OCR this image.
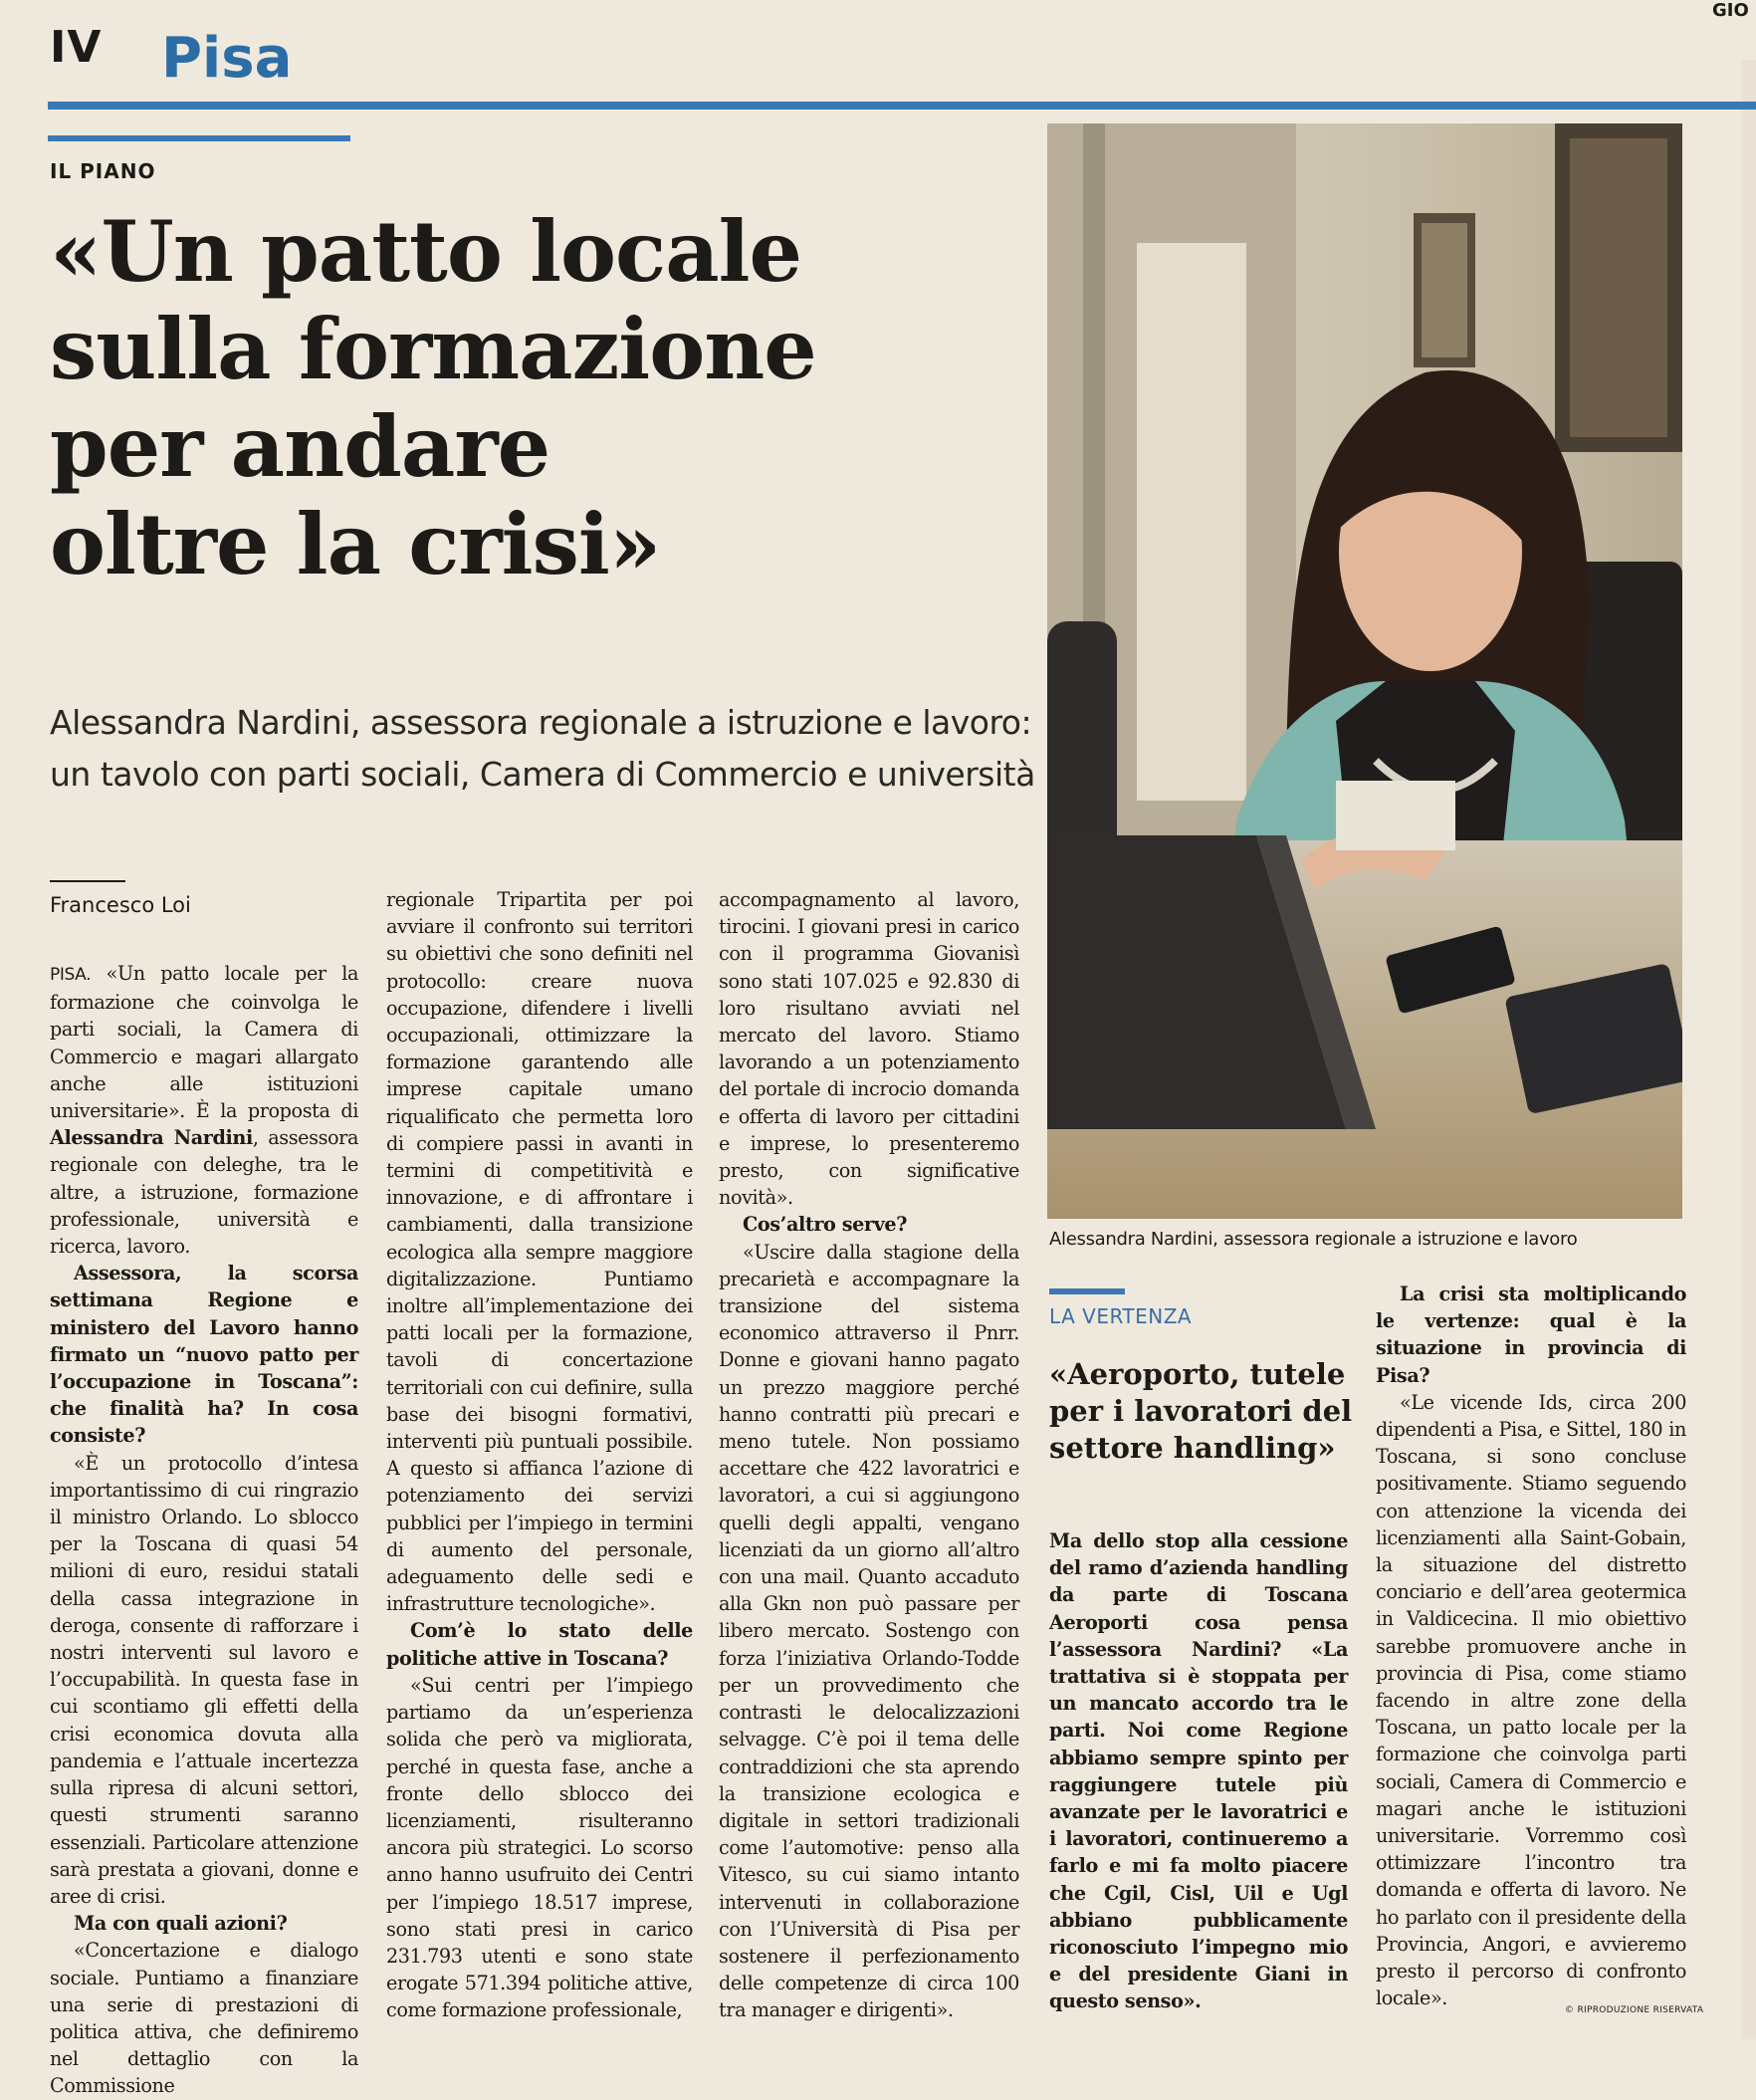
IV Pisa
GIO
IL PIANO
«Un patto locale
sulla formazione
per andare
oltre la crisi»
Alessandra Nardini, assessora regionale a istruzione e lavoro:
un tavolo con parti sociali, Camera di Commercio e università
Francesco Loi

PISA. «Un patto locale per la formazione che coinvolga le parti sociali, la Camera di Commercio e magari allargato anche alle istituzioni universitarie». È la proposta di Alessandra Nardini, assessora regionale con deleghe, tra le altre, a istruzione, formazione professionale, università e ricerca, lavoro.

Assessora, la scorsa settimana Regione e ministero del Lavoro hanno firmato un “nuovo patto per l’occupazione in Toscana”: che finalità ha? In cosa consiste?

«È un protocollo d’intesa importantissimo di cui ringrazio il ministro Orlando. Lo sblocco per la Toscana di quasi 54 milioni di euro, residui statali della cassa integrazione in deroga, consente di rafforzare i nostri interventi sul lavoro e l’occupabilità. In questa fase in cui scontiamo gli effetti della crisi economica dovuta alla pandemia e l’attuale incertezza sulla ripresa di alcuni settori, questi strumenti saranno essenziali. Particolare attenzione sarà prestata a giovani, donne e aree di crisi.

Ma con quali azioni?

«Concertazione e dialogo sociale. Puntiamo a finanziare una serie di prestazioni di politica attiva, che definiremo nel dettaglio con la Commissione

regionale Tripartita per poi avviare il confronto sui territori su obiettivi che sono definiti nel protocollo: creare nuova occupazione, difendere i livelli occupazionali, ottimizzare la formazione garantendo alle imprese capitale umano riqualificato che permetta loro di compiere passi in avanti in termini di competitività e innovazione, e di affrontare i cambiamenti, dalla transizione ecologica alla sempre maggiore digitalizzazione. Puntiamo inoltre all’implementazione dei patti locali per la formazione, tavoli di concertazione territoriali con cui definire, sulla base dei bisogni formativi, interventi più puntuali possibile. A questo si affianca l’azione di potenziamento dei servizi pubblici per l’impiego in termini di aumento del personale, adeguamento delle sedi e infrastrutture tecnologiche».

Com’è lo stato delle politiche attive in Toscana?

«Sui centri per l’impiego partiamo da un’esperienza solida che però va migliorata, perché in questa fase, anche a fronte dello sblocco dei licenziamenti, risulteranno ancora più strategici. Lo scorso anno hanno usufruito dei Centri per l’impiego 18.517 imprese, sono stati presi in carico 231.793 utenti e sono state erogate 571.394 politiche attive, come formazione professionale,

accompagnamento al lavoro, tirocini. I giovani presi in carico con il programma Giovanisì sono stati 107.025 e 92.830 di loro risultano avviati nel mercato del lavoro. Stiamo lavorando a un potenziamento del portale di incrocio domanda e offerta di lavoro per cittadini e imprese, lo presenteremo presto, con significative novità».

Cos’altro serve?

«Uscire dalla stagione della precarietà e accompagnare la transizione del sistema economico attraverso il Pnrr. Donne e giovani hanno pagato un prezzo maggiore perché hanno contratti più precari e meno tutele. Non possiamo accettare che 422 lavoratrici e lavoratori, a cui si aggiungono quelli degli appalti, vengano licenziati da un giorno all’altro con una mail. Quanto accaduto alla Gkn non può passare per libero mercato. Sostengo con forza l’iniziativa Orlando-Todde per un provvedimento che contrasti le delocalizzazioni selvagge. C’è poi il tema delle contraddizioni che sta aprendo la transizione ecologica e digitale in settori tradizionali come l’automotive: penso alla Vitesco, su cui siamo intanto intervenuti in collaborazione con l’Università di Pisa per sostenere il perfezionamento delle competenze di circa 100 tra manager e dirigenti».

Alessandra Nardini, assessora regionale a istruzione e lavoro
LA VERTENZA
«Aeroporto, tutele per i lavoratori del settore handling»

Ma dello stop alla cessione del ramo d’azienda handling da parte di Toscana Aeroporti cosa pensa l’assessora Nardini? «La trattativa si è stoppata per un mancato accordo tra le parti. Noi come Regione abbiamo sempre spinto per raggiungere tutele più avanzate per le lavoratrici e i lavoratori, continueremo a farlo e mi fa molto piacere che Cgil, Cisl, Uil e Ugl abbiano pubblicamente riconosciuto l’impegno mio e del presidente Giani in questo senso».

La crisi sta moltiplicando le vertenze: qual è la situazione in provincia di Pisa?

«Le vicende Ids, circa 200 dipendenti a Pisa, e Sittel, 180 in Toscana, si sono concluse positivamente. Stiamo seguendo con attenzione la vicenda dei licenziamenti alla Saint-Gobain, la situazione del distretto conciario e dell’area geotermica in Valdicecina. Il mio obiettivo sarebbe promuovere anche in provincia di Pisa, come stiamo facendo in altre zone della Toscana, un patto locale per la formazione che coinvolga parti sociali, Camera di Commercio e magari anche le istituzioni universitarie. Vorremmo così ottimizzare l’incontro tra domanda e offerta di lavoro. Ne ho parlato con il presidente della Provincia, Angori, e avvieremo presto il percorso di confronto locale».

© RIPRODUZIONE RISERVATA
